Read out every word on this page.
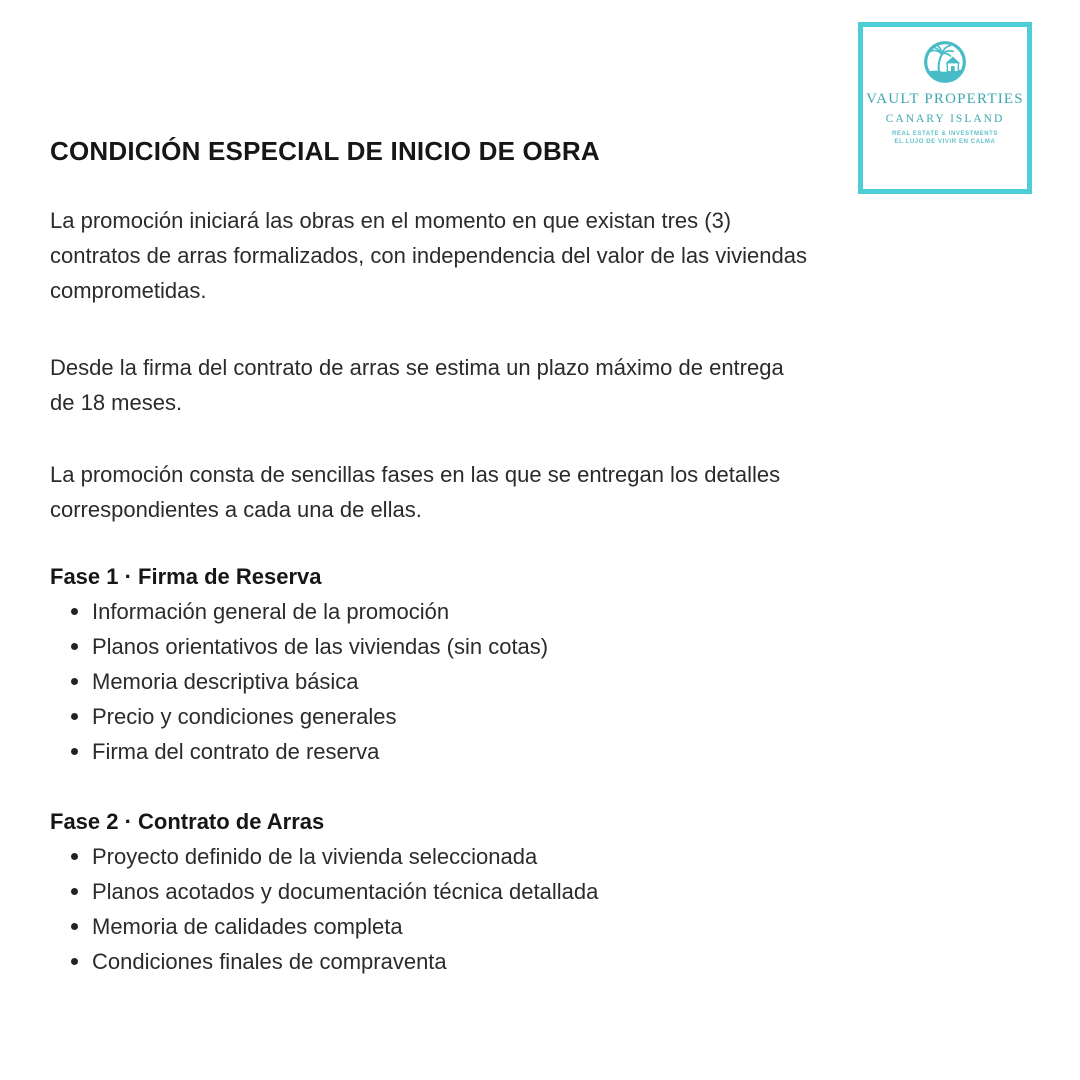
VAULT PROPERTIES
CANARY ISLAND
REAL ESTATE & INVESTMENTS
EL LUJO DE VIVIR EN CALMA
CONDICIÓN ESPECIAL DE INICIO DE OBRA
La promoción iniciará las obras en el momento en que existan tres (3)
contratos de arras formalizados, con independencia del valor de las viviendas
comprometidas.
Desde la firma del contrato de arras se estima un plazo máximo de entrega
de 18 meses.
La promoción consta de sencillas fases en las que se entregan los detalles
correspondientes a cada una de ellas.
Fase 1 · Firma de Reserva
Información general de la promoción
Planos orientativos de las viviendas (sin cotas)
Memoria descriptiva básica
Precio y condiciones generales
Firma del contrato de reserva
Fase 2 · Contrato de Arras
Proyecto definido de la vivienda seleccionada
Planos acotados y documentación técnica detallada
Memoria de calidades completa
Condiciones finales de compraventa
